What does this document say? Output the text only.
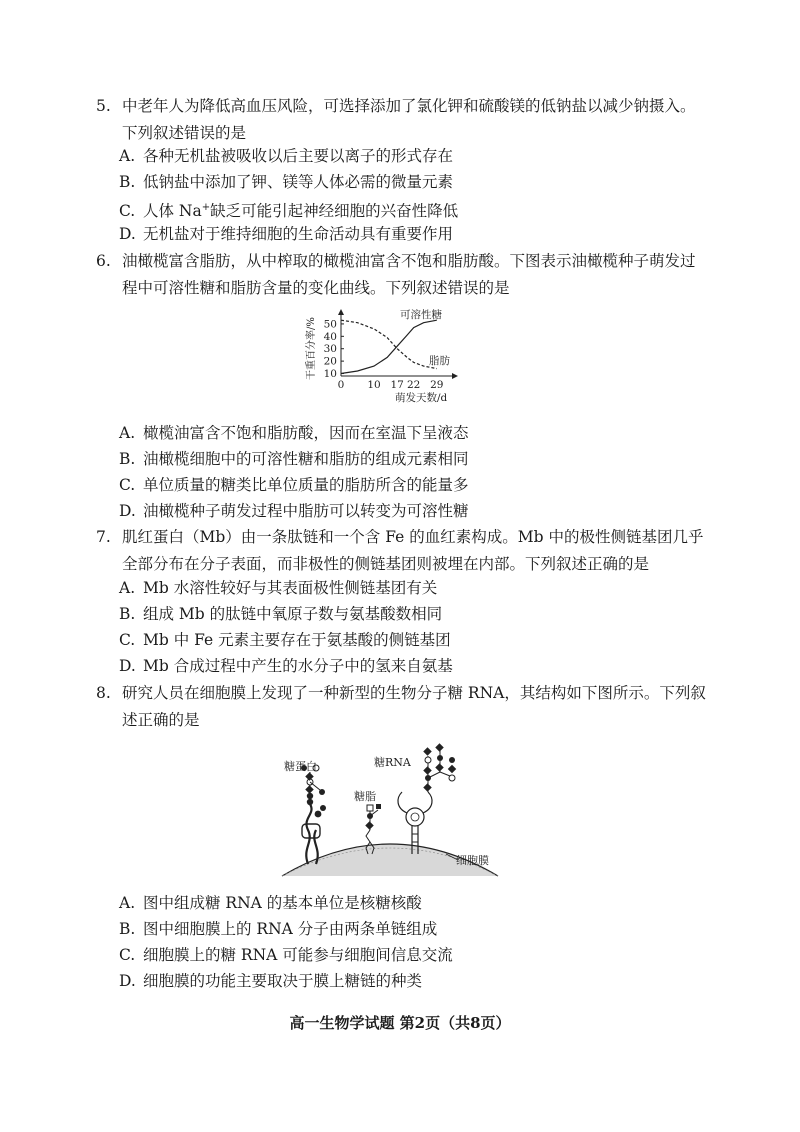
5. 中老年人为降低高血压风险，可选择添加了氯化钾和硫酸镁的低钠盐以减少钠摄入。
下列叙述错误的是
A. 各种无机盐被吸收以后主要以离子的形式存在
B. 低钠盐中添加了钾、镁等人体必需的微量元素
C. 人体 Na+缺乏可能引起神经细胞的兴奋性降低
D. 无机盐对于维持细胞的生命活动具有重要作用
6. 油橄榄富含脂肪，从中榨取的橄榄油富含不饱和脂肪酸。下图表示油橄榄种子萌发过
程中可溶性糖和脂肪含量的变化曲线。下列叙述错误的是
干重百分率/% 10
20
30
40
50
0 10 17 22 29
可溶性糖
脂肪
萌发天数/d
A. 橄榄油富含不饱和脂肪酸，因而在室温下呈液态
B. 油橄榄细胞中的可溶性糖和脂肪的组成元素相同
C. 单位质量的糖类比单位质量的脂肪所含的能量多
D. 油橄榄种子萌发过程中脂肪可以转变为可溶性糖
7. 肌红蛋白（Mb）由一条肽链和一个含 Fe 的血红素构成。Mb 中的极性侧链基团几乎
全部分布在分子表面，而非极性的侧链基团则被埋在内部。下列叙述正确的是
A. Mb 水溶性较好与其表面极性侧链基团有关
B. 组成 Mb 的肽链中氧原子数与氨基酸数相同
C. Mb 中 Fe 元素主要存在于氨基酸的侧链基团
D. Mb 合成过程中产生的水分子中的氢来自氨基
8. 研究人员在细胞膜上发现了一种新型的生物分子糖 RNA，其结构如下图所示。下列叙
述正确的是
糖蛋白
糖脂
糖RNA
细胞膜
A. 图中组成糖 RNA 的基本单位是核糖核酸
B. 图中细胞膜上的 RNA 分子由两条单链组成
C. 细胞膜上的糖 RNA 可能参与细胞间信息交流
D. 细胞膜的功能主要取决于膜上糖链的种类
高一生物学试题 第2页（共8页）
